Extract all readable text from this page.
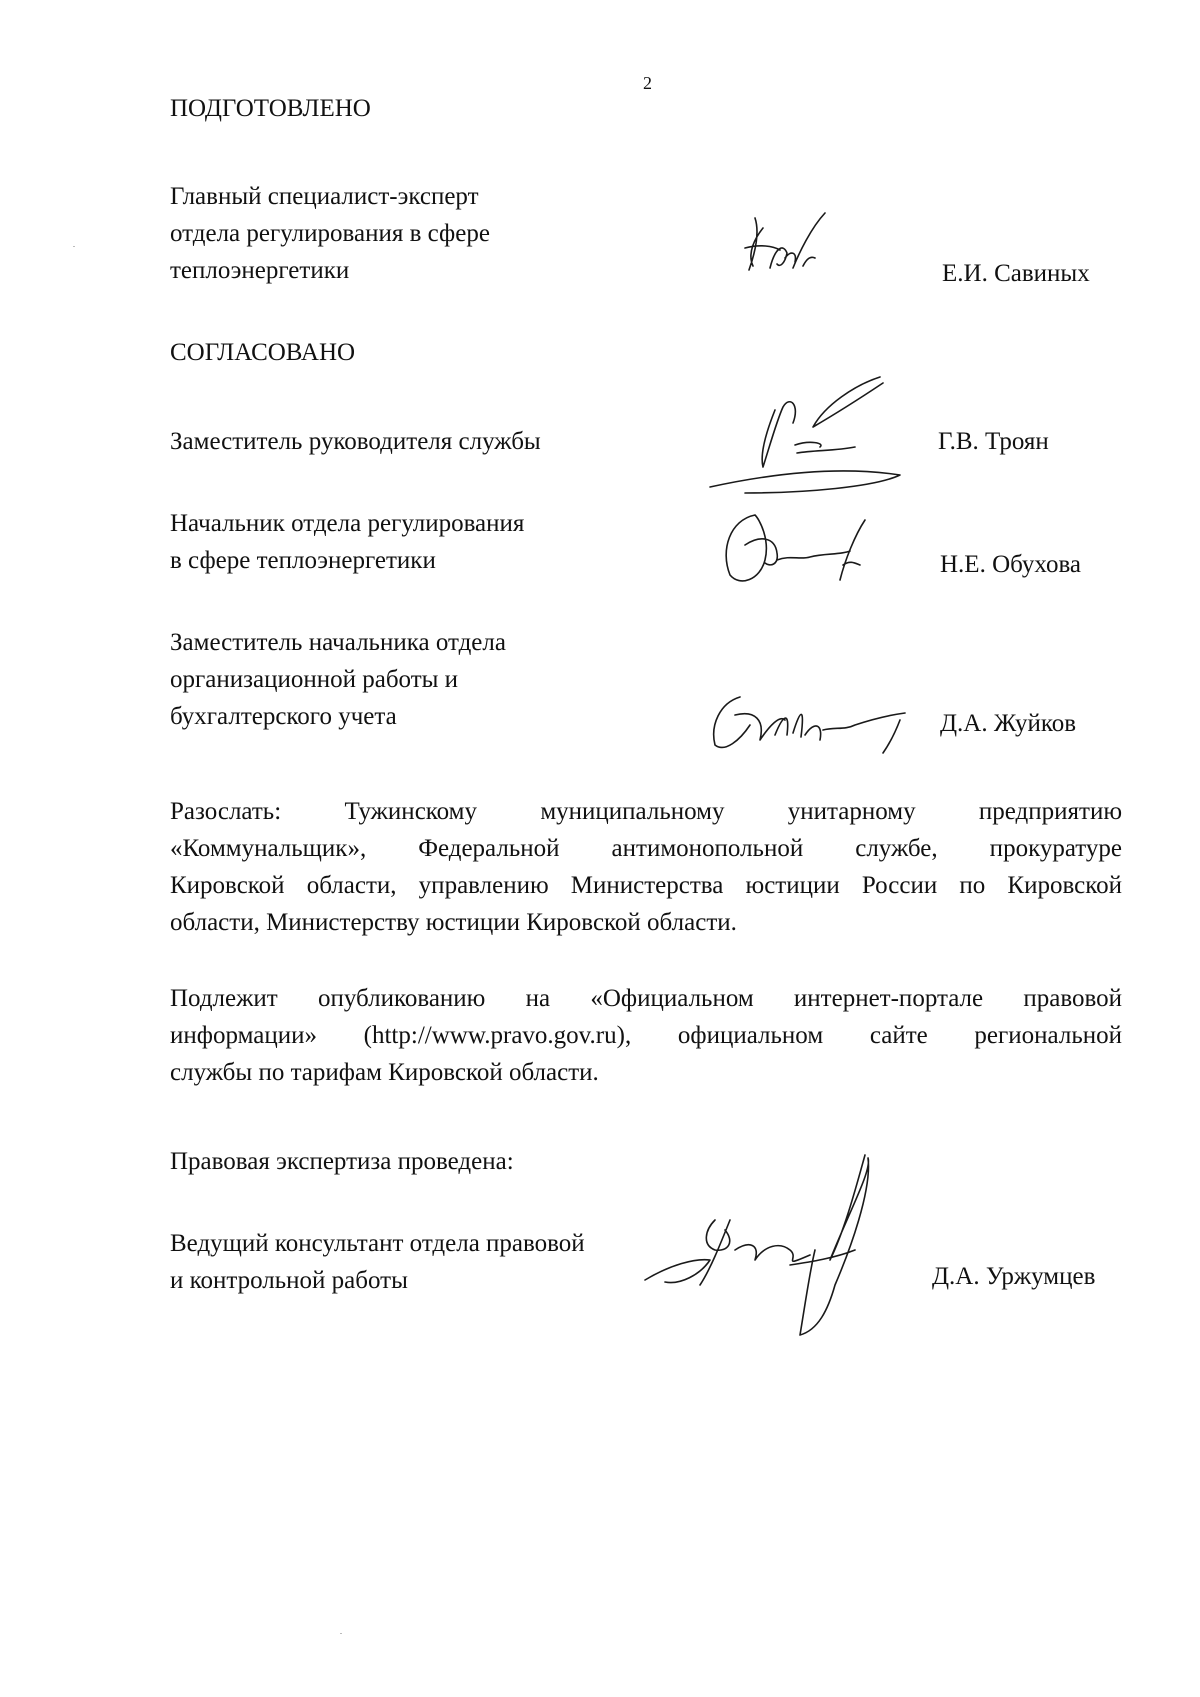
2
ПОДГОТОВЛЕНО
Главный специалист-эксперт
отдела регулирования в сфере
теплоэнергетики	Е.И. Савиных
СОГЛАСОВАНО
Заместитель руководителя службы	Г.В. Троян
Начальник отдела регулирования
в сфере теплоэнергетики	Н.Е. Обухова
Заместитель начальника отдела
организационной работы и
бухгалтерского учета	Д.А. Жуйков
Разослать: Тужинскому муниципальному унитарному предприятию
«Коммунальщик», Федеральной антимонопольной службе, прокуратуре
Кировской области, управлению Министерства юстиции России по Кировской
области, Министерству юстиции Кировской области.
Подлежит опубликованию на «Официальном интернет-портале правовой
информации» (http://www.pravo.gov.ru), официальном сайте региональной
службы по тарифам Кировской области.
Правовая экспертиза проведена:
Ведущий консультант отдела правовой
и контрольной работы	Д.А. Уржумцев
